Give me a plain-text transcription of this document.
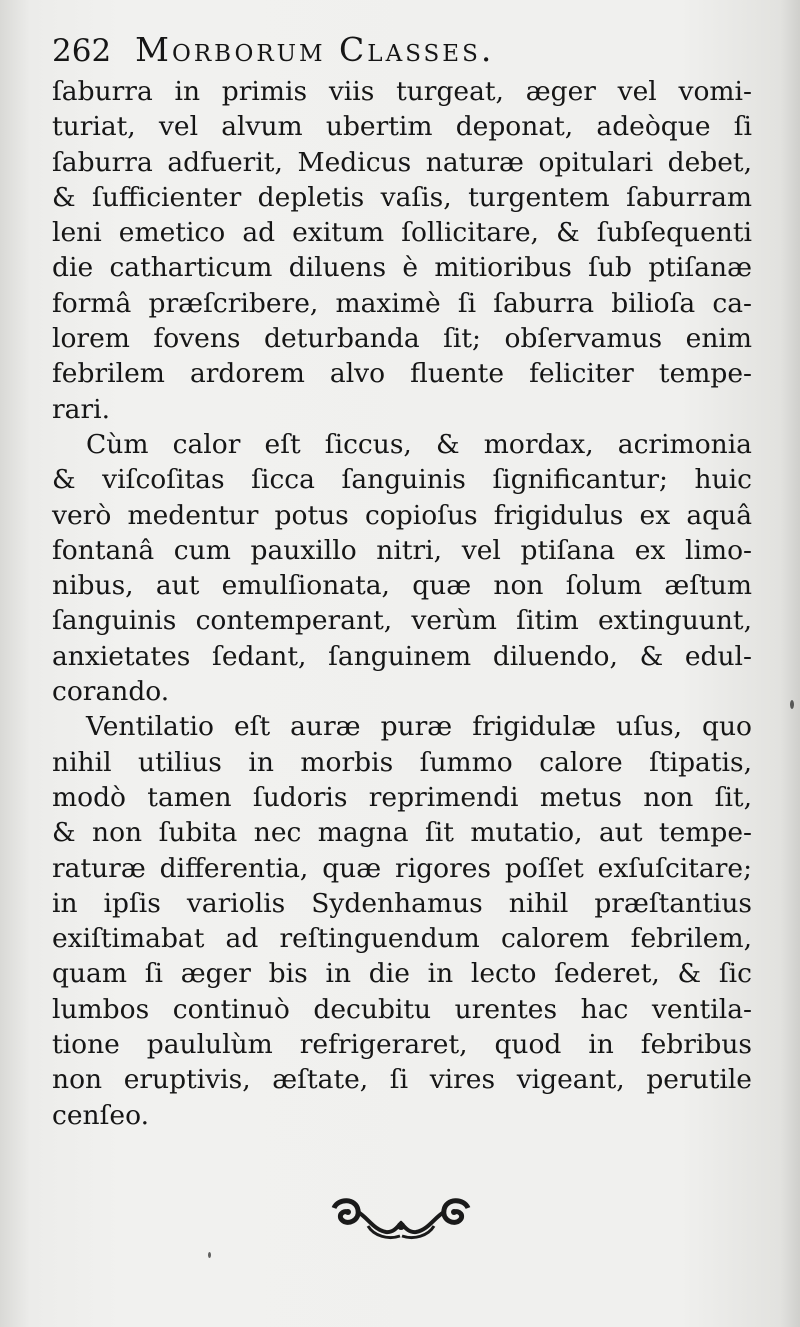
262 Morborum Classes.
ſaburra in primis viis turgeat, æger vel vomi-
turiat, vel alvum ubertim deponat, adeòque ſi
ſaburra adfuerit, Medicus naturæ opitulari debet,
& ſufficienter depletis vaſis, turgentem ſaburram
leni emetico ad exitum ſollicitare, & ſubſequenti
die catharticum diluens è mitioribus ſub ptiſanæ
formâ præſcribere, maximè ſi ſaburra bilioſa ca-
lorem fovens deturbanda ſit; obſervamus enim
febrilem ardorem alvo fluente feliciter tempe-
rari.
Cùm calor eſt ſiccus, & mordax, acrimonia
& viſcoſitas ſicca ſanguinis ſignificantur; huic
verò medentur potus copioſus frigidulus ex aquâ
fontanâ cum pauxillo nitri, vel ptiſana ex limo-
nibus, aut emulſionata, quæ non ſolum æſtum
ſanguinis contemperant, verùm ſitim extinguunt,
anxietates ſedant, ſanguinem diluendo, & edul-
corando.
Ventilatio eſt auræ puræ frigidulæ uſus, quo
nihil utilius in morbis ſummo calore ſtipatis,
modò tamen ſudoris reprimendi metus non ſit,
& non ſubita nec magna ſit mutatio, aut tempe-
raturæ differentia, quæ rigores poſſet exſuſcitare;
in ipſis variolis Sydenhamus nihil præſtantius
exiſtimabat ad reſtinguendum calorem febrilem,
quam ſi æger bis in die in lecto ſederet, & ſic
lumbos continuò decubitu urentes hac ventila-
tione paululùm refrigeraret, quod in febribus
non eruptivis, æſtate, ſi vires vigeant, perutile
cenſeo.
